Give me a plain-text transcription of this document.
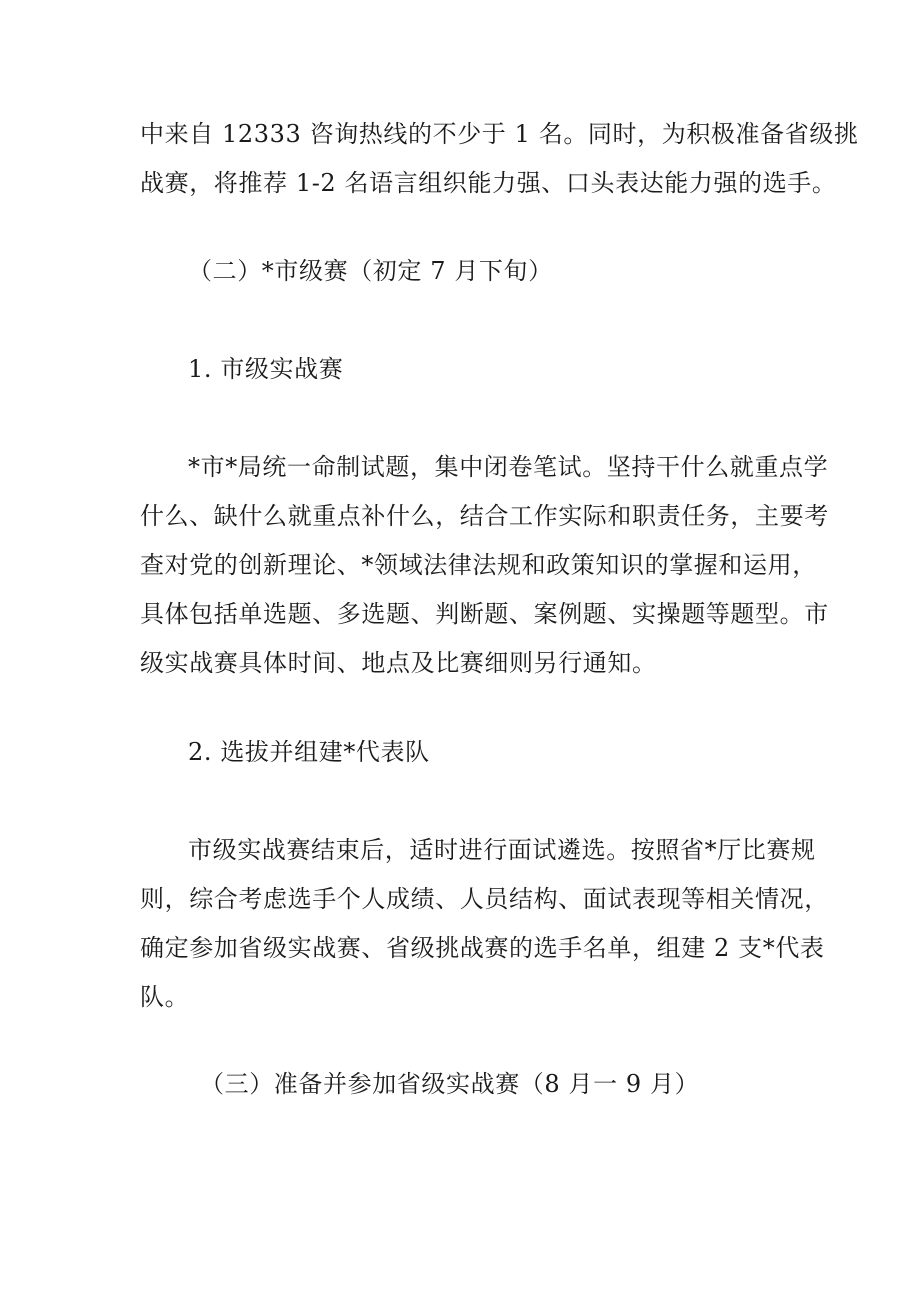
中来自 12333 咨询热线的不少于 1 名。同时，为积极准备省级挑
战赛，将推荐 1-2 名语言组织能力强、口头表达能力强的选手。
（二）*市级赛（初定 7 月下旬）
1. 市级实战赛
*市*局统一命制试题，集中闭卷笔试。坚持干什么就重点学
什么、缺什么就重点补什么，结合工作实际和职责任务，主要考
查对党的创新理论、*领域法律法规和政策知识的掌握和运用，
具体包括单选题、多选题、判断题、案例题、实操题等题型。市
级实战赛具体时间、地点及比赛细则另行通知。
2. 选拔并组建*代表队
市级实战赛结束后，适时进行面试遴选。按照省*厅比赛规
则，综合考虑选手个人成绩、人员结构、面试表现等相关情况，
确定参加省级实战赛、省级挑战赛的选手名单，组建 2 支*代表
队。
（三）准备并参加省级实战赛（8 月一 9 月）
